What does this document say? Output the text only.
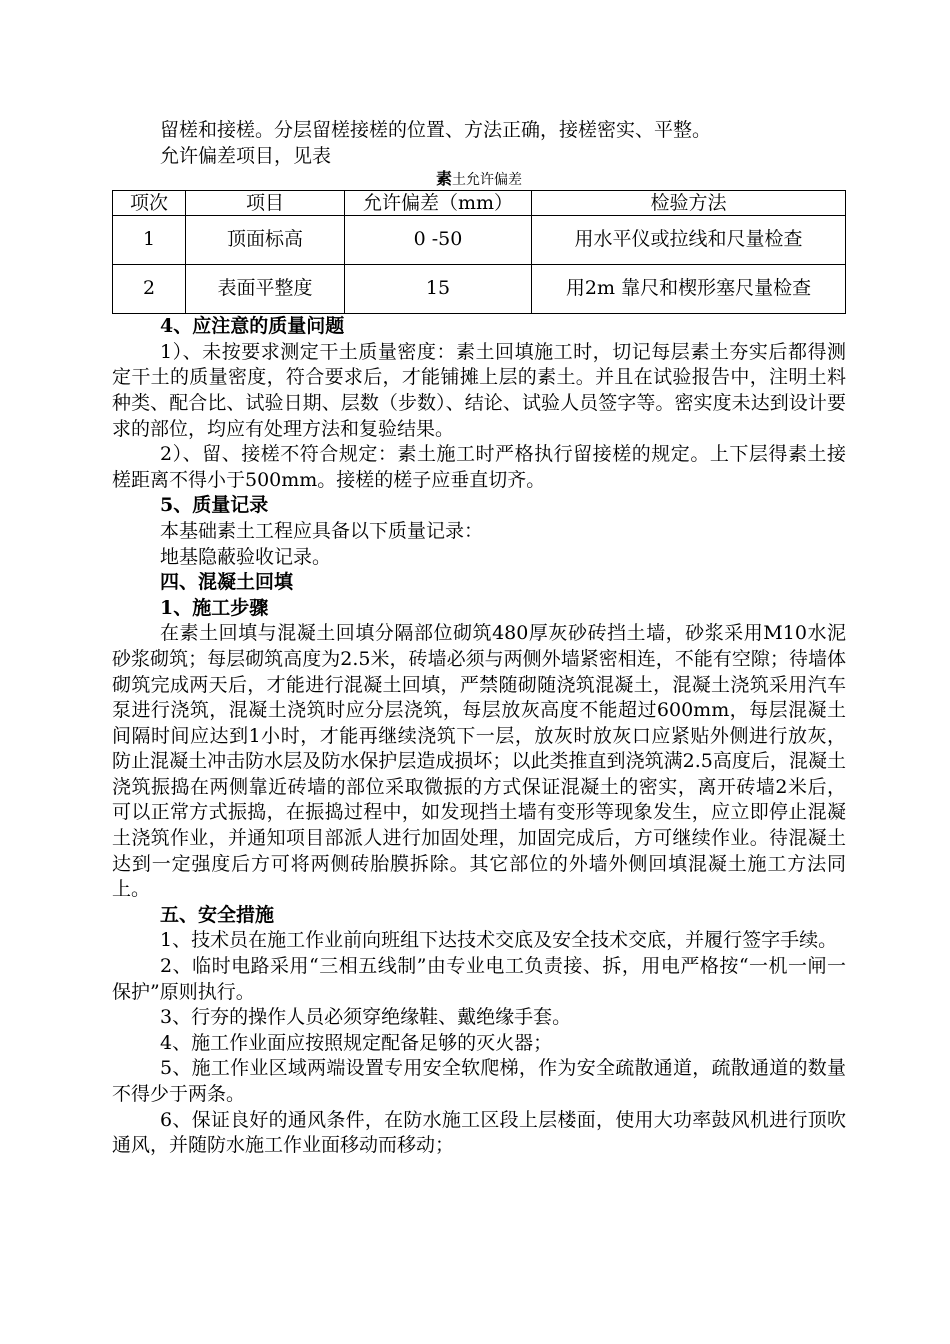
留槎和接槎。分层留槎接槎的位置、方法正确，接槎密实、平整。

允许偏差项目，见表

素土允许偏差
项次	项目	允许偏差（mm）	检验方法
1	顶面标高	0 -50	用水平仪或拉线和尺量检查
2	表面平整度	15	用2m 靠尺和楔形塞尺量检查

4、应注意的质量问题

1）、未按要求测定干土质量密度：素土回填施工时，切记每层素土夯实后都得测定干土的质量密度，符合要求后，才能铺摊上层的素土。并且在试验报告中，注明土料种类、配合比、试验日期、层数（步数）、结论、试验人员签字等。密实度未达到设计要求的部位，均应有处理方法和复验结果。

2）、留、接槎不符合规定：素土施工时严格执行留接槎的规定。上下层得素土接槎距离不得小于500mm。接槎的槎子应垂直切齐。

5、质量记录

本基础素土工程应具备以下质量记录：

地基隐蔽验收记录。

四、混凝土回填

1、施工步骤

在素土回填与混凝土回填分隔部位砌筑480厚灰砂砖挡土墙，砂浆采用M10水泥砂浆砌筑；每层砌筑高度为2.5米，砖墙必须与两侧外墙紧密相连，不能有空隙；待墙体砌筑完成两天后，才能进行混凝土回填，严禁随砌随浇筑混凝土，混凝土浇筑采用汽车泵进行浇筑，混凝土浇筑时应分层浇筑，每层放灰高度不能超过600mm，每层混凝土间隔时间应达到1小时，才能再继续浇筑下一层，放灰时放灰口应紧贴外侧进行放灰，防止混凝土冲击防水层及防水保护层造成损坏；以此类推直到浇筑满2.5高度后，混凝土浇筑振捣在两侧靠近砖墙的部位采取微振的方式保证混凝土的密实，离开砖墙2米后，可以正常方式振捣，在振捣过程中，如发现挡土墙有变形等现象发生，应立即停止混凝土浇筑作业，并通知项目部派人进行加固处理，加固完成后，方可继续作业。待混凝土达到一定强度后方可将两侧砖胎膜拆除。其它部位的外墙外侧回填混凝土施工方法同上。

五、安全措施

1、技术员在施工作业前向班组下达技术交底及安全技术交底，并履行签字手续。

2、临时电路采用“三相五线制”由专业电工负责接、拆，用电严格按“一机一闸一保护”原则执行。

3、行夯的操作人员必须穿绝缘鞋、戴绝缘手套。

4、施工作业面应按照规定配备足够的灭火器；

5、施工作业区域两端设置专用安全软爬梯，作为安全疏散通道，疏散通道的数量不得少于两条。

6、保证良好的通风条件，在防水施工区段上层楼面，使用大功率鼓风机进行顶吹通风，并随防水施工作业面移动而移动；
